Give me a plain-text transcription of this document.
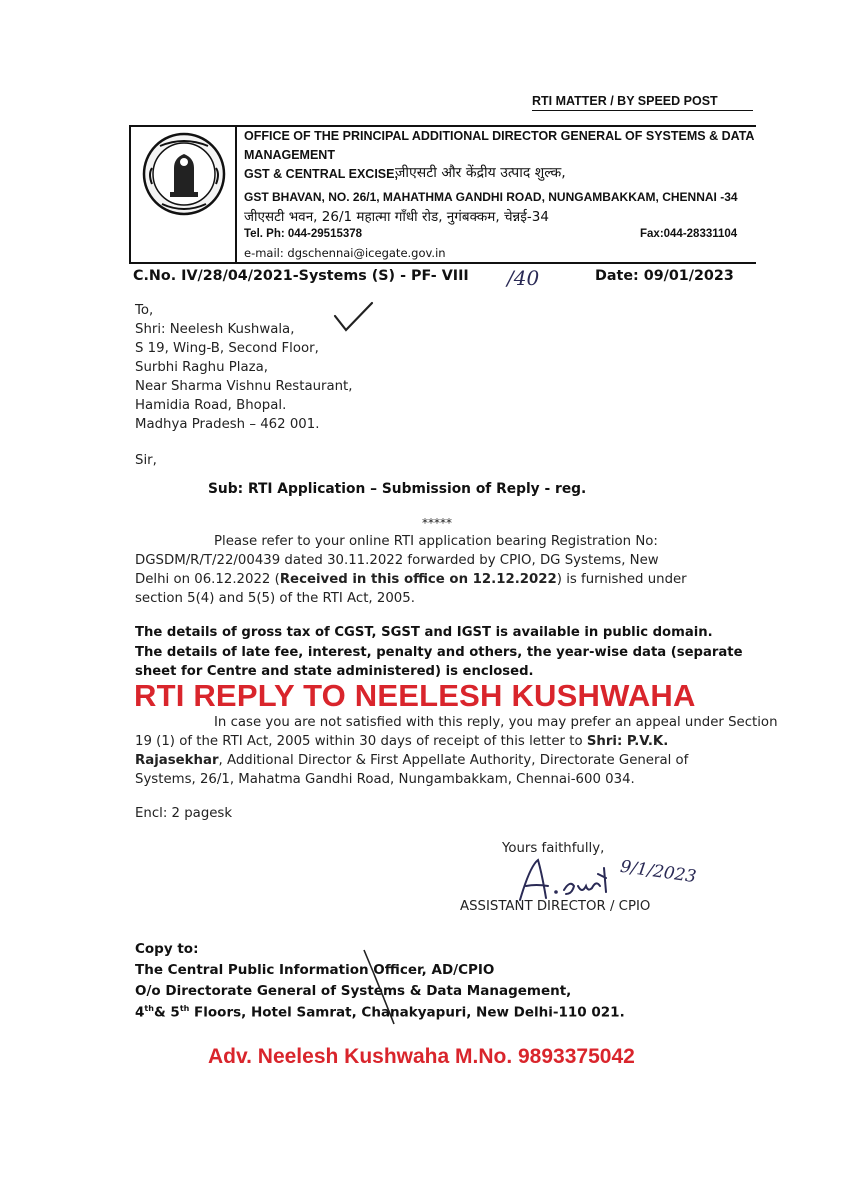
RTI MATTER / BY SPEED POST
OFFICE OF THE PRINCIPAL ADDITIONAL DIRECTOR GENERAL OF SYSTEMS & DATA
MANAGEMENT
GST & CENTRAL EXCISE,
जीएसटी और केंद्रीय उत्पाद शुल्क,
GST BHAVAN, NO. 26/1, MAHATHMA GANDHI ROAD, NUNGAMBAKKAM, CHENNAI -34
जीएसटी भवन, 26/1 महात्मा गाँधी रोड, नुगंबक्कम, चेन्नई-34
Tel. Ph: 044-29515378	Fax:044-28331104
e-mail: dgschennai@icegate.gov.in
C.No. IV/28/04/2021-Systems (S) - PF- VIII /40	Date: 09/01/2023
To,
Shri: Neelesh Kushwala,
S 19, Wing-B, Second Floor,
Surbhi Raghu Plaza,
Near Sharma Vishnu Restaurant,
Hamidia Road, Bhopal.
Madhya Pradesh – 462 001.
Sir,
Sub: RTI Application – Submission of Reply - reg.
*****
Please refer to your online RTI application bearing Registration No:
DGSDM/R/T/22/00439 dated 30.11.2022 forwarded by CPIO, DG Systems, New
Delhi on 06.12.2022 (Received in this office on 12.12.2022) is furnished under
section 5(4) and 5(5) of the RTI Act, 2005.
The details of gross tax of CGST, SGST and IGST is available in public domain.
The details of late fee, interest, penalty and others, the year-wise data (separate
sheet for Centre and state administered) is enclosed.
RTI REPLY TO NEELESH KUSHWAHA
In case you are not satisfied with this reply, you may prefer an appeal under Section
19 (1) of the RTI Act, 2005 within 30 days of receipt of this letter to Shri: P.V.K.
Rajasekhar, Additional Director & First Appellate Authority, Directorate General of
Systems, 26/1, Mahatma Gandhi Road, Nungambakkam, Chennai-600 034.
Encl: 2 pagesk
Yours faithfully,
9/1/2023
ASSISTANT DIRECTOR / CPIO
Copy to:
The Central Public Information Officer, AD/CPIO
O/o Directorate General of Systems & Data Management,
4th& 5th Floors, Hotel Samrat, Chanakyapuri, New Delhi-110 021.
Adv. Neelesh Kushwaha M.No. 9893375042
